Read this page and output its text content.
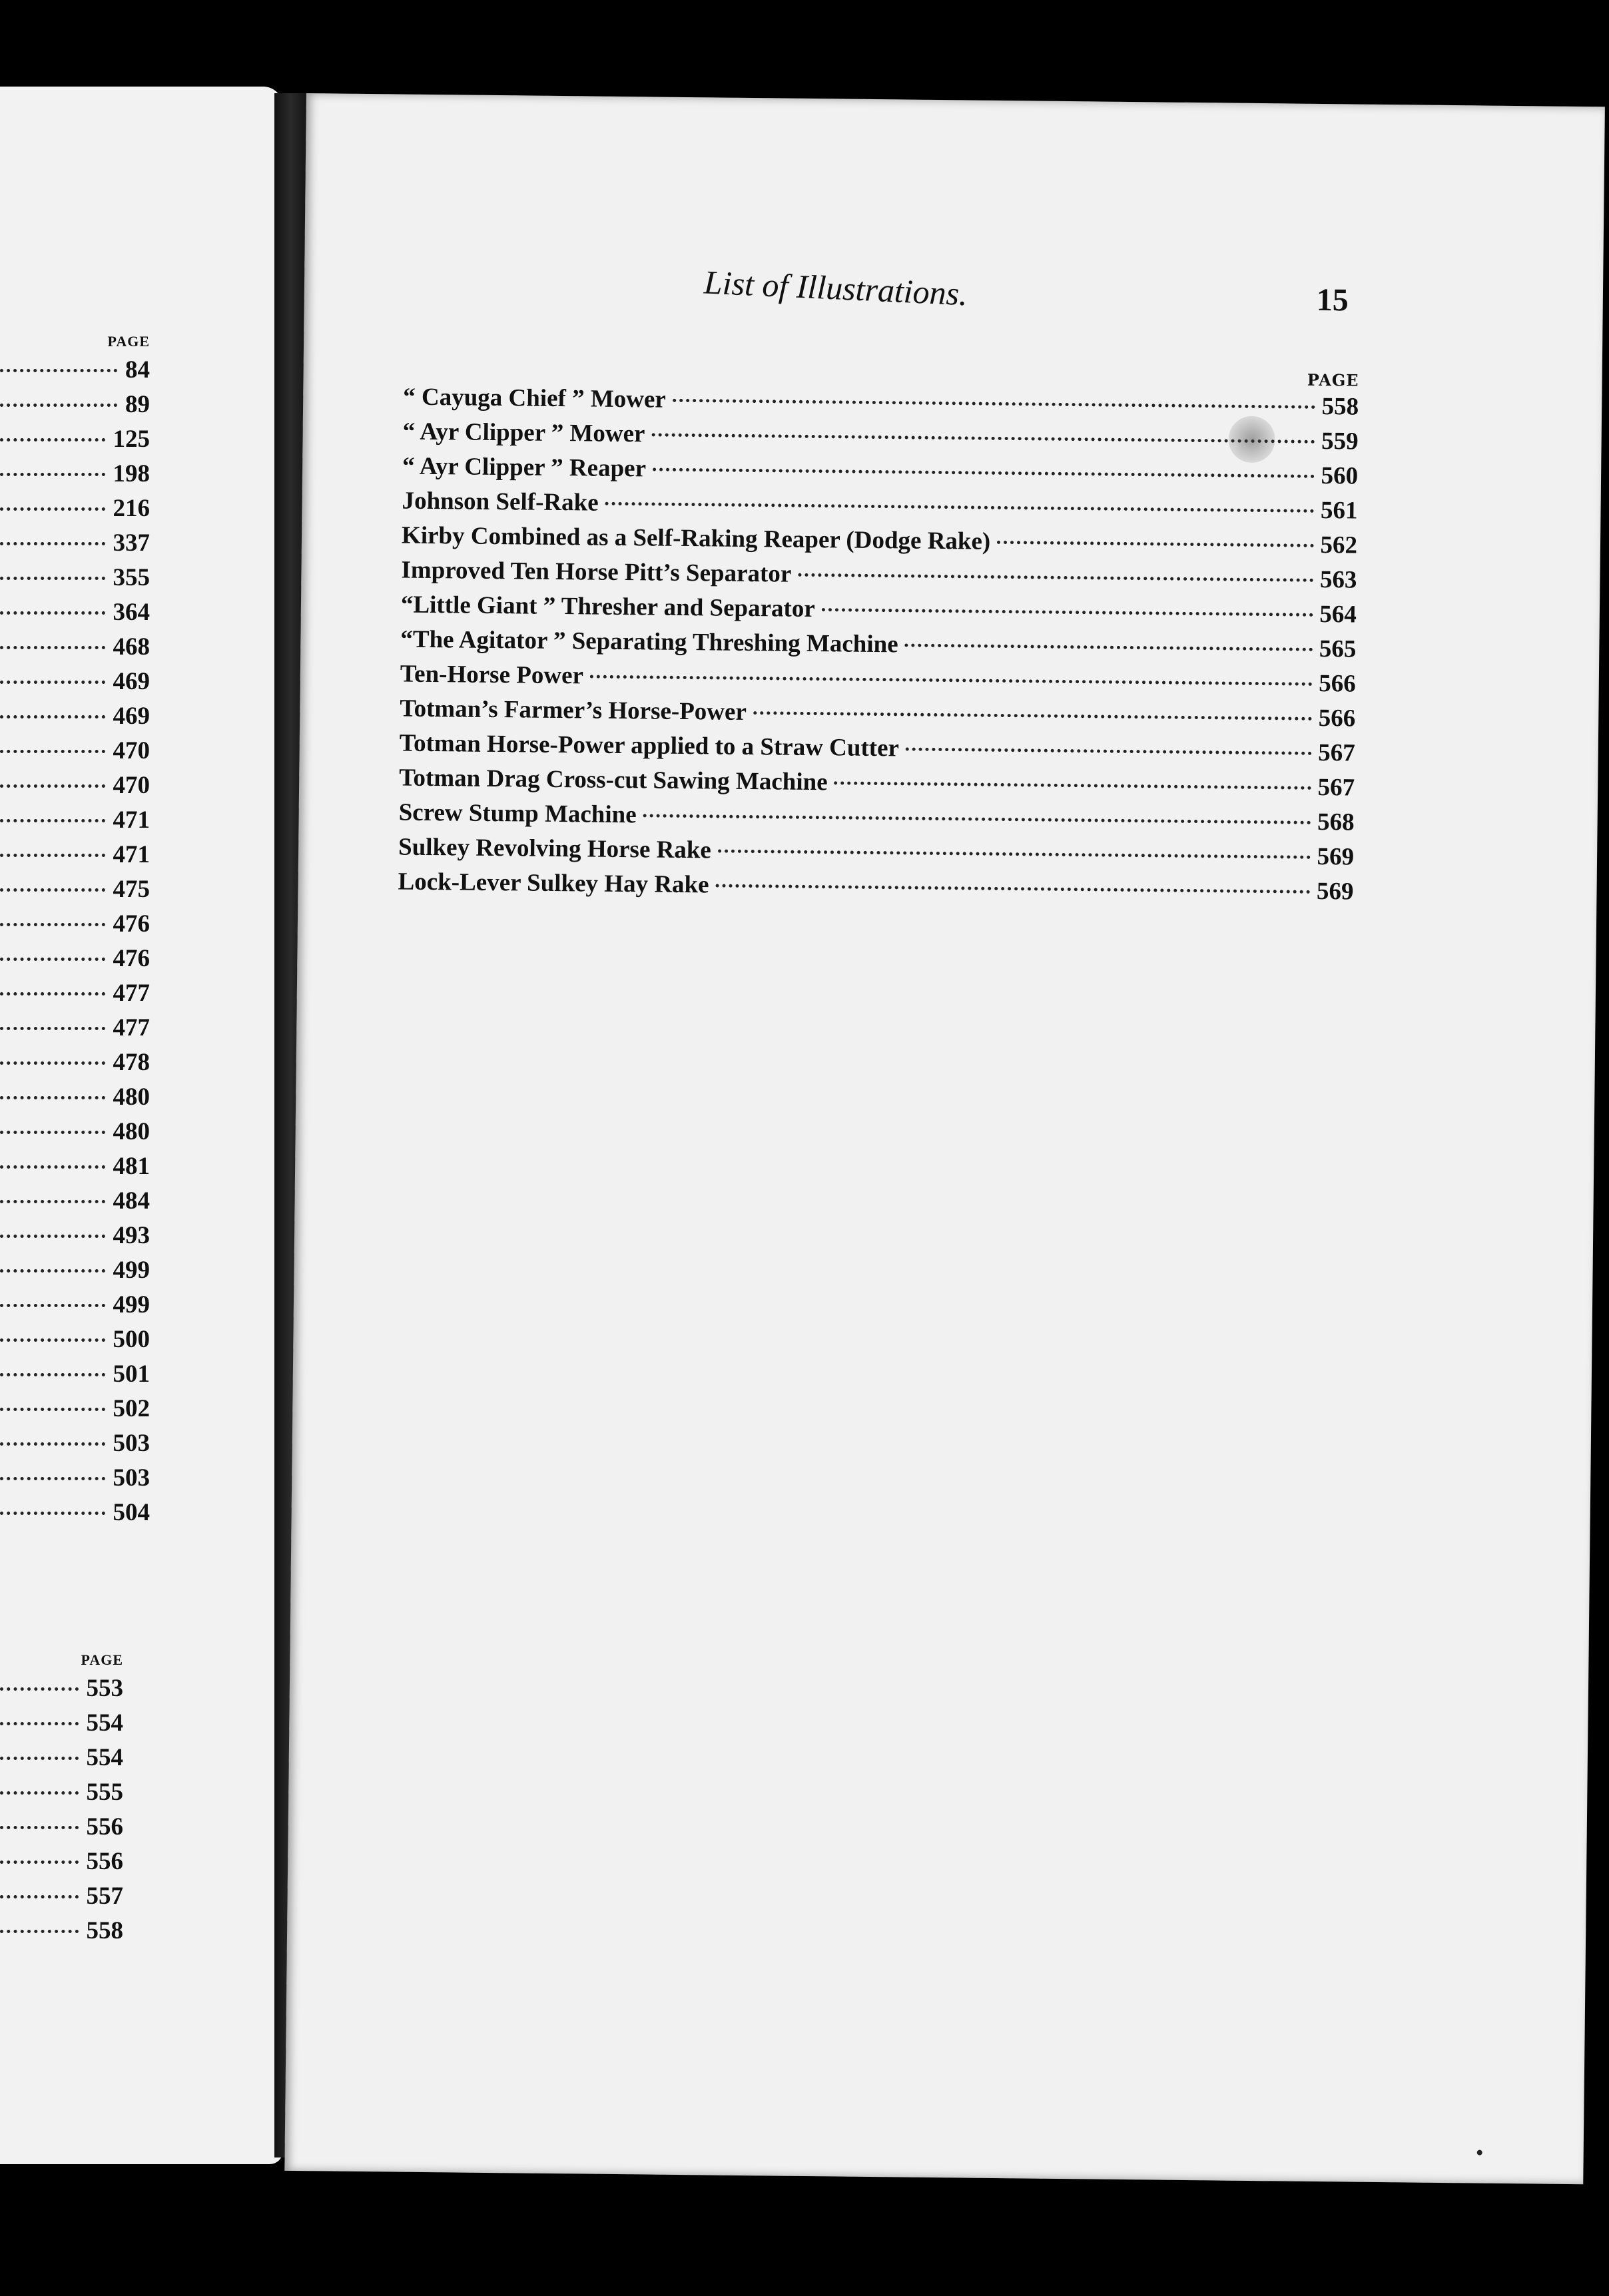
PAGE
84
89
125
198
216
337
355
364
468
469
469
470
470
471
471
475
476
476
477
477
478
480
480
481
484
493
499
499
500
501
502
503
503
504
PAGE
553
554
554
555
556
556
557
558
List of Illustrations.	15
PAGE
“ Cayuga Chief ” Mower	558
“ Ayr Clipper ” Mower	559
“ Ayr Clipper ” Reaper	560
Johnson Self-Rake	561
Kirby Combined as a Self-Raking Reaper (Dodge Rake)	562
Improved Ten Horse Pitt’s Separator	563
“Little Giant ” Thresher and Separator	564
“The Agitator ” Separating Threshing Machine	565
Ten-Horse Power	566
Totman’s Farmer’s Horse-Power	566
Totman Horse-Power applied to a Straw Cutter	567
Totman Drag Cross-cut Sawing Machine	567
Screw Stump Machine	568
Sulkey Revolving Horse Rake	569
Lock-Lever Sulkey Hay Rake	569
